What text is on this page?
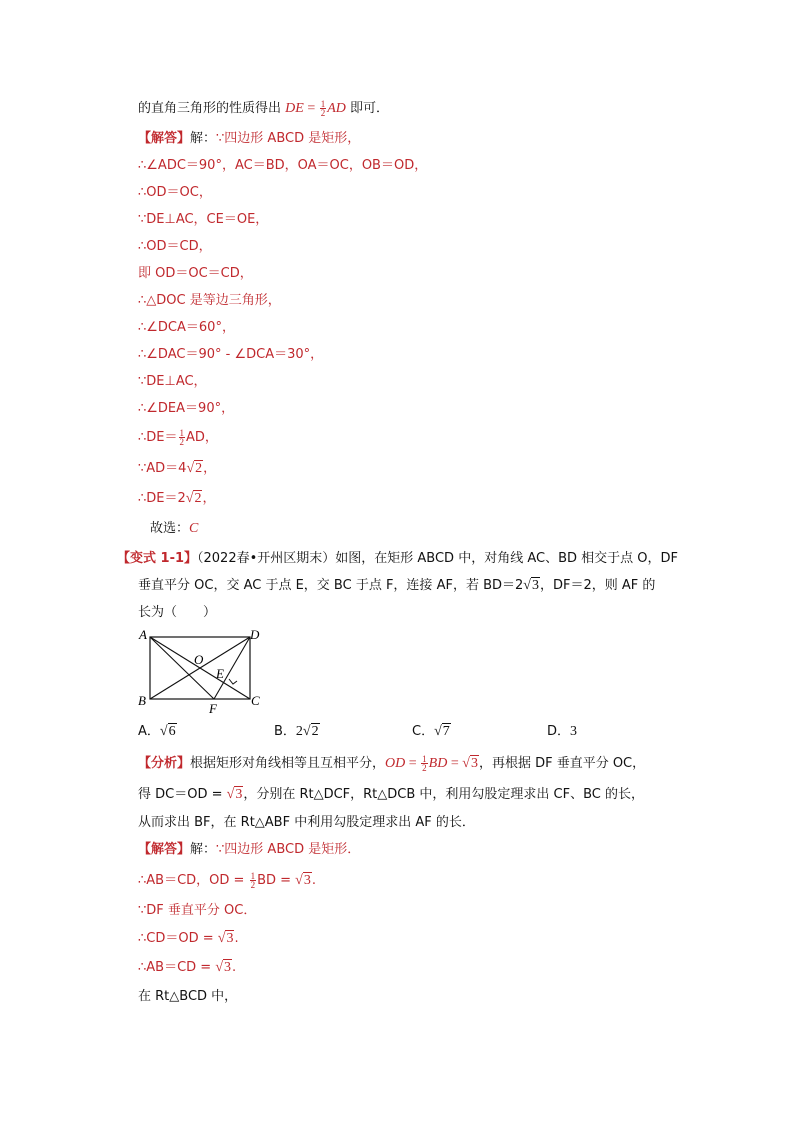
的直角三角形的性质得出 DE = $\frac{1}{2}$ AD 即可．
【解答】解：∵四边形 ABCD 是矩形，
∴∠ADC＝90°，AC＝BD，OA＝OC，OB＝OD，
∴OD＝OC，
∵DE⊥AC，CE＝OE，
∴OD＝CD，
即 OD＝OC＝CD，
∴△DOC 是等边三角形，
∴∠DCA＝60°，
∴∠DAC＝90° - ∠DCA＝30°，
∵DE⊥AC，
∴∠DEA＝90°，
∴DE＝ $\frac{1}{2}$ AD，
∵AD＝4√2，
∴DE＝2√2，
故选：C
【变式 1-1】（2022春•开州区期末）如图，在矩形 ABCD 中，对角线 AC、BD 相交于点 O，DF
垂直平分 OC，交 AC 于点 E，交 BC 于点 F，连接 AF，若 BD＝2√3，DF＝2，则 AF 的
长为（　　）
A
B	C
D
O
E
F
A．√6	B．2√2	C．√7	D．3
【分析】根据矩形对角线相等且互相平分，OD = $\frac{1}{2}$ BD = √3，再根据 DF 垂直平分 OC，
得 DC＝OD = √3，分别在 Rt△DCF，Rt△DCB 中，利用勾股定理求出 CF、BC 的长，
从而求出 BF，在 Rt△ABF 中利用勾股定理求出 AF 的长．
【解答】解：∵四边形 ABCD 是矩形．
∴AB＝CD，OD = $\frac{1}{2}$ BD = √3.
∵DF 垂直平分 OC．
∴CD＝OD = √3.
∴AB＝CD = √3.
在 Rt△BCD 中，
